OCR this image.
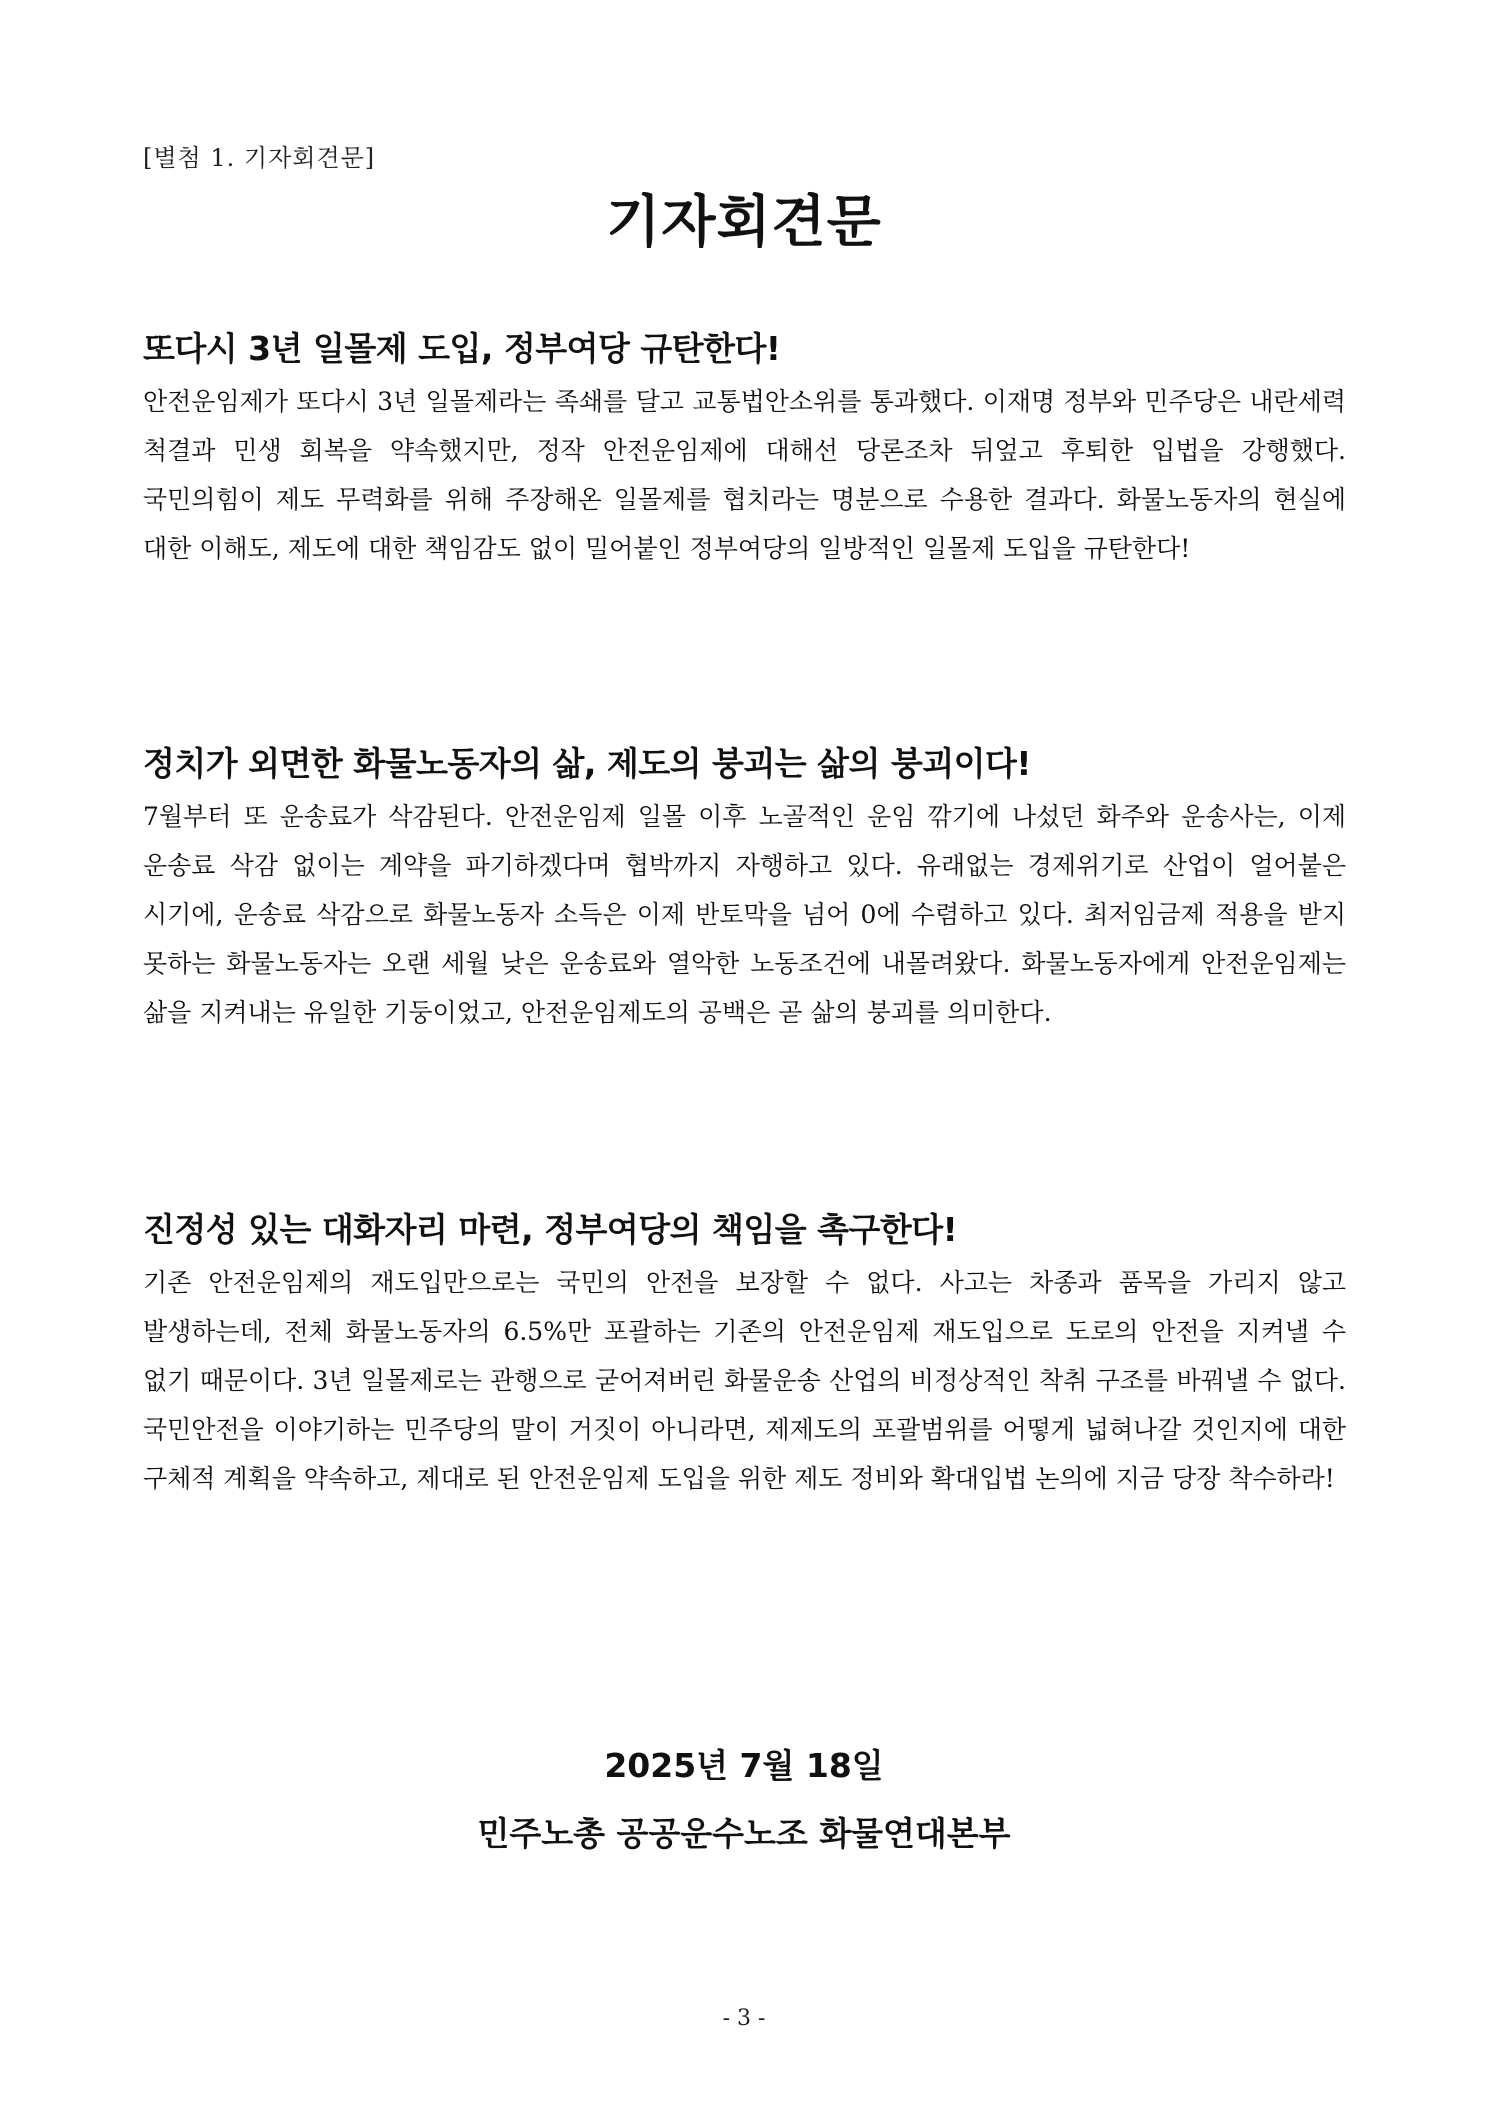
[별첨 1. 기자회견문]
기자회견문
또다시 3년 일몰제 도입, 정부여당 규탄한다!
안전운임제가 또다시 3년 일몰제라는 족쇄를 달고 교통법안소위를 통과했다. 이재명 정부와 민주당은 내란세력 척결과 민생 회복을 약속했지만, 정작 안전운임제에 대해선 당론조차 뒤엎고 후퇴한 입법을 강행했다. 국민의힘이 제도 무력화를 위해 주장해온 일몰제를 협치라는 명분으로 수용한 결과다. 화물노동자의 현실에 대한 이해도, 제도에 대한 책임감도 없이 밀어붙인 정부여당의 일방적인 일몰제 도입을 규탄한다!
정치가 외면한 화물노동자의 삶, 제도의 붕괴는 삶의 붕괴이다!
7월부터 또 운송료가 삭감된다. 안전운임제 일몰 이후 노골적인 운임 깎기에 나섰던 화주와 운송사는, 이제 운송료 삭감 없이는 계약을 파기하겠다며 협박까지 자행하고 있다. 유래없는 경제위기로 산업이 얼어붙은 시기에, 운송료 삭감으로 화물노동자 소득은 이제 반토막을 넘어 0에 수렴하고 있다. 최저임금제 적용을 받지 못하는 화물노동자는 오랜 세월 낮은 운송료와 열악한 노동조건에 내몰려왔다. 화물노동자에게 안전운임제는 삶을 지켜내는 유일한 기둥이었고, 안전운임제도의 공백은 곧 삶의 붕괴를 의미한다.
진정성 있는 대화자리 마련, 정부여당의 책임을 촉구한다!
기존 안전운임제의 재도입만으로는 국민의 안전을 보장할 수 없다. 사고는 차종과 품목을 가리지 않고 발생하는데, 전체 화물노동자의 6.5%만 포괄하는 기존의 안전운임제 재도입으로 도로의 안전을 지켜낼 수 없기 때문이다. 3년 일몰제로는 관행으로 굳어져버린 화물운송 산업의 비정상적인 착취 구조를 바꿔낼 수 없다. 국민안전을 이야기하는 민주당의 말이 거짓이 아니라면, 제제도의 포괄범위를 어떻게 넓혀나갈 것인지에 대한 구체적 계획을 약속하고, 제대로 된 안전운임제 도입을 위한 제도 정비와 확대입법 논의에 지금 당장 착수하라!
2025년 7월 18일
민주노총 공공운수노조 화물연대본부
- 3 -
